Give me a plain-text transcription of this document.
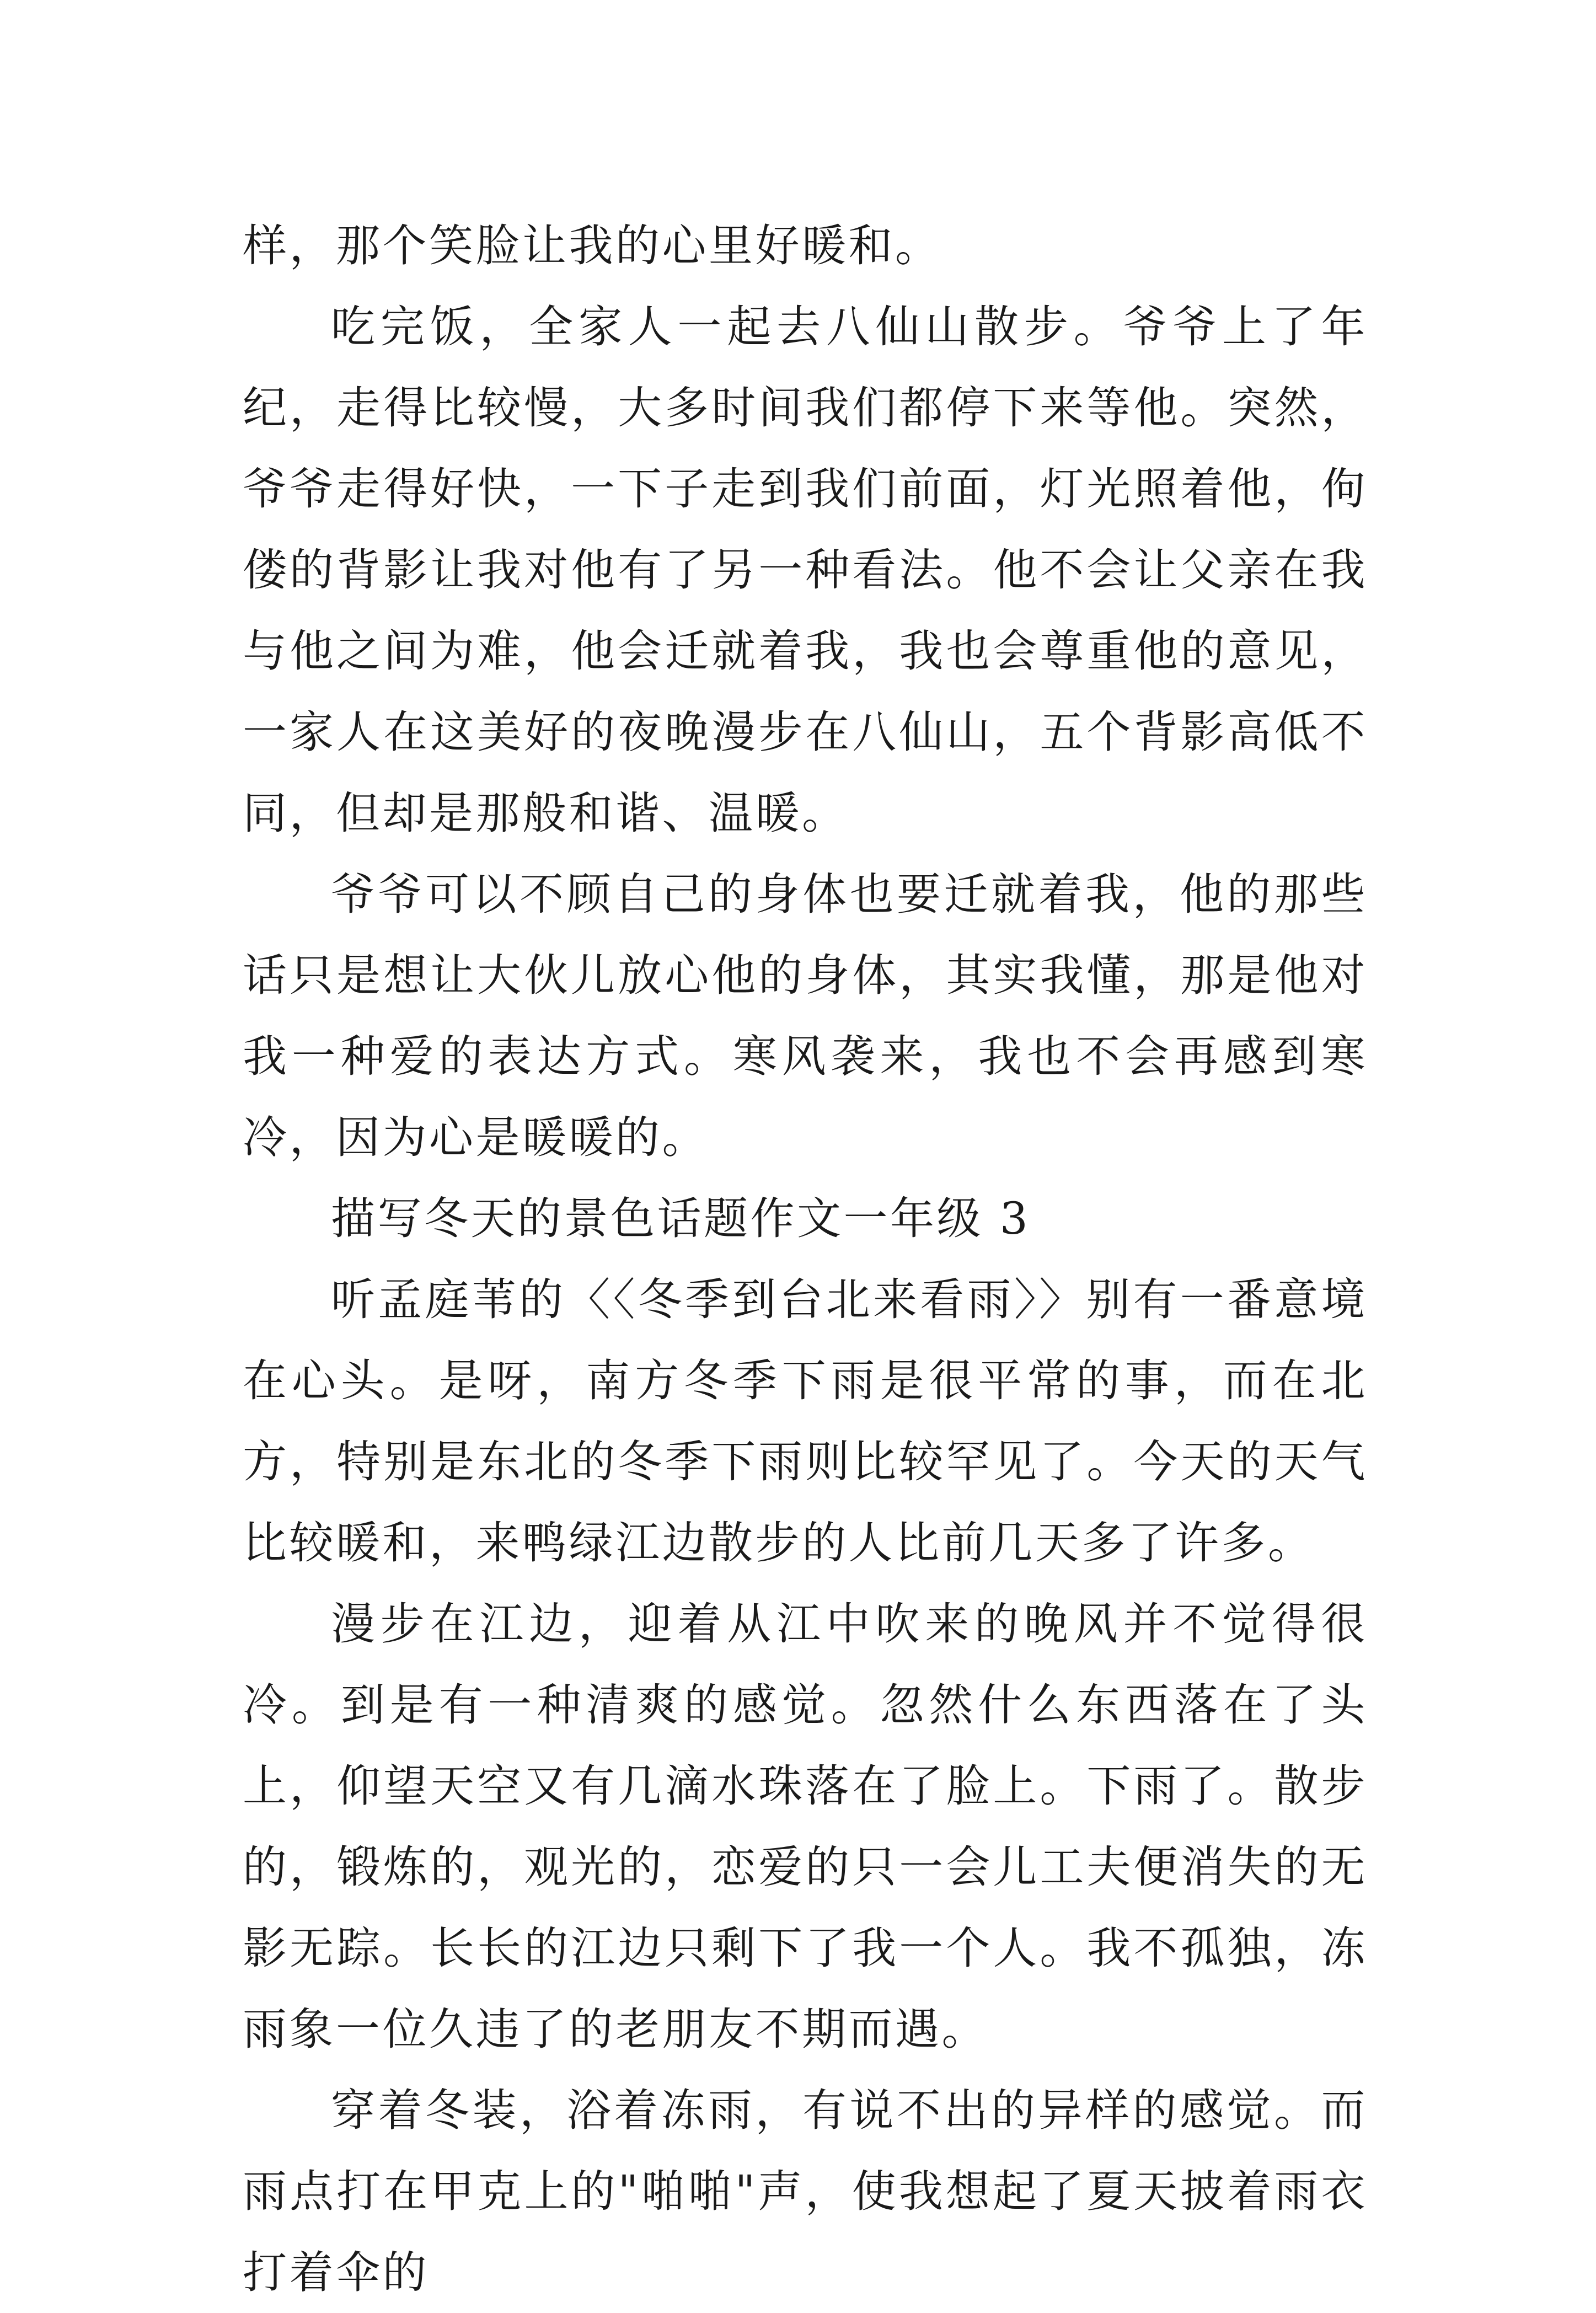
样，那个笑脸让我的心里好暖和。

吃完饭，全家人一起去八仙山散步。爷爷上了年纪，走得比较慢，大多时间我们都停下来等他。突然，爷爷走得好快，一下子走到我们前面，灯光照着他，佝偻的背影让我对他有了另一种看法。他不会让父亲在我与他之间为难，他会迁就着我，我也会尊重他的意见，一家人在这美好的夜晚漫步在八仙山，五个背影高低不同，但却是那般和谐、温暖。

爷爷可以不顾自己的身体也要迁就着我，他的那些话只是想让大伙儿放心他的身体，其实我懂，那是他对我一种爱的表达方式。寒风袭来，我也不会再感到寒冷，因为心是暖暖的。

描写冬天的景色话题作文一年级 3

听孟庭苇的〈〈冬季到台北来看雨〉〉别有一番意境在心头。是呀，南方冬季下雨是很平常的事，而在北方，特别是东北的冬季下雨则比较罕见了。今天的天气比较暖和，来鸭绿江边散步的人比前几天多了许多。

漫步在江边，迎着从江中吹来的晚风并不觉得很冷。到是有一种清爽的感觉。忽然什么东西落在了头上，仰望天空又有几滴水珠落在了脸上。下雨了。散步的，锻炼的，观光的，恋爱的只一会儿工夫便消失的无影无踪。长长的江边只剩下了我一个人。我不孤独，冻雨象一位久违了的老朋友不期而遇。

穿着冬装，浴着冻雨，有说不出的异样的感觉。而雨点打在甲克上的"啪啪"声，使我想起了夏天披着雨衣打着伞的
